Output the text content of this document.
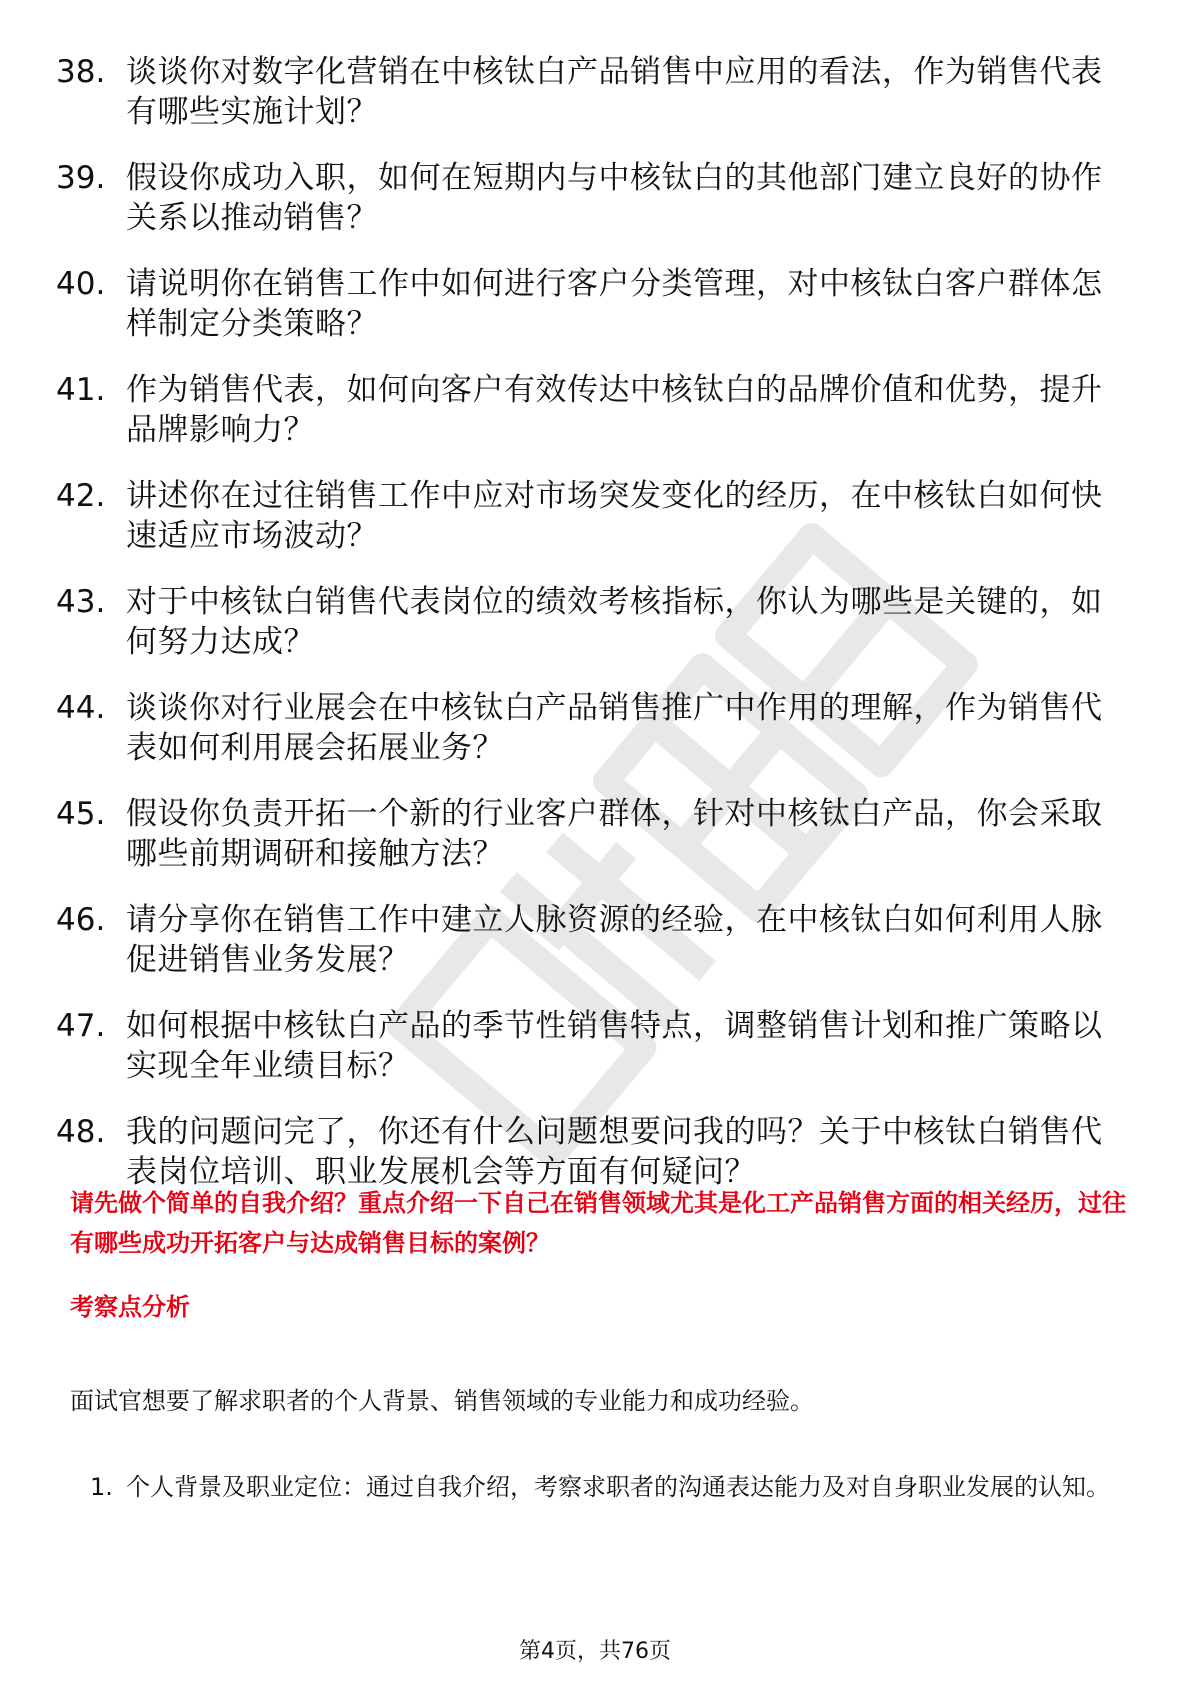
38. 谈谈你对数字化营销在中核钛白产品销售中应用的看法，作为销售代表有哪些实施计划？
39. 假设你成功入职，如何在短期内与中核钛白的其他部门建立良好的协作关系以推动销售？
40. 请说明你在销售工作中如何进行客户分类管理，对中核钛白客户群体怎样制定分类策略？
41. 作为销售代表，如何向客户有效传达中核钛白的品牌价值和优势，提升品牌影响力？
42. 讲述你在过往销售工作中应对市场突发变化的经历，在中核钛白如何快速适应市场波动？
43. 对于中核钛白销售代表岗位的绩效考核指标，你认为哪些是关键的，如何努力达成？
44. 谈谈你对行业展会在中核钛白产品销售推广中作用的理解，作为销售代表如何利用展会拓展业务？
45. 假设你负责开拓一个新的行业客户群体，针对中核钛白产品，你会采取哪些前期调研和接触方法？
46. 请分享你在销售工作中建立人脉资源的经验，在中核钛白如何利用人脉促进销售业务发展？
47. 如何根据中核钛白产品的季节性销售特点，调整销售计划和推广策略以实现全年业绩目标？
48. 我的问题问完了，你还有什么问题想要问我的吗？关于中核钛白销售代表岗位培训、职业发展机会等方面有何疑问？
请先做个简单的自我介绍？重点介绍一下自己在销售领域尤其是化工产品销售方面的相关经历，过往有哪些成功开拓客户与达成销售目标的案例？
考察点分析
面试官想要了解求职者的个人背景、销售领域的专业能力和成功经验。
1. 个人背景及职业定位：通过自我介绍，考察求职者的沟通表达能力及对自身职业发展的认知。
第4页，共76页
